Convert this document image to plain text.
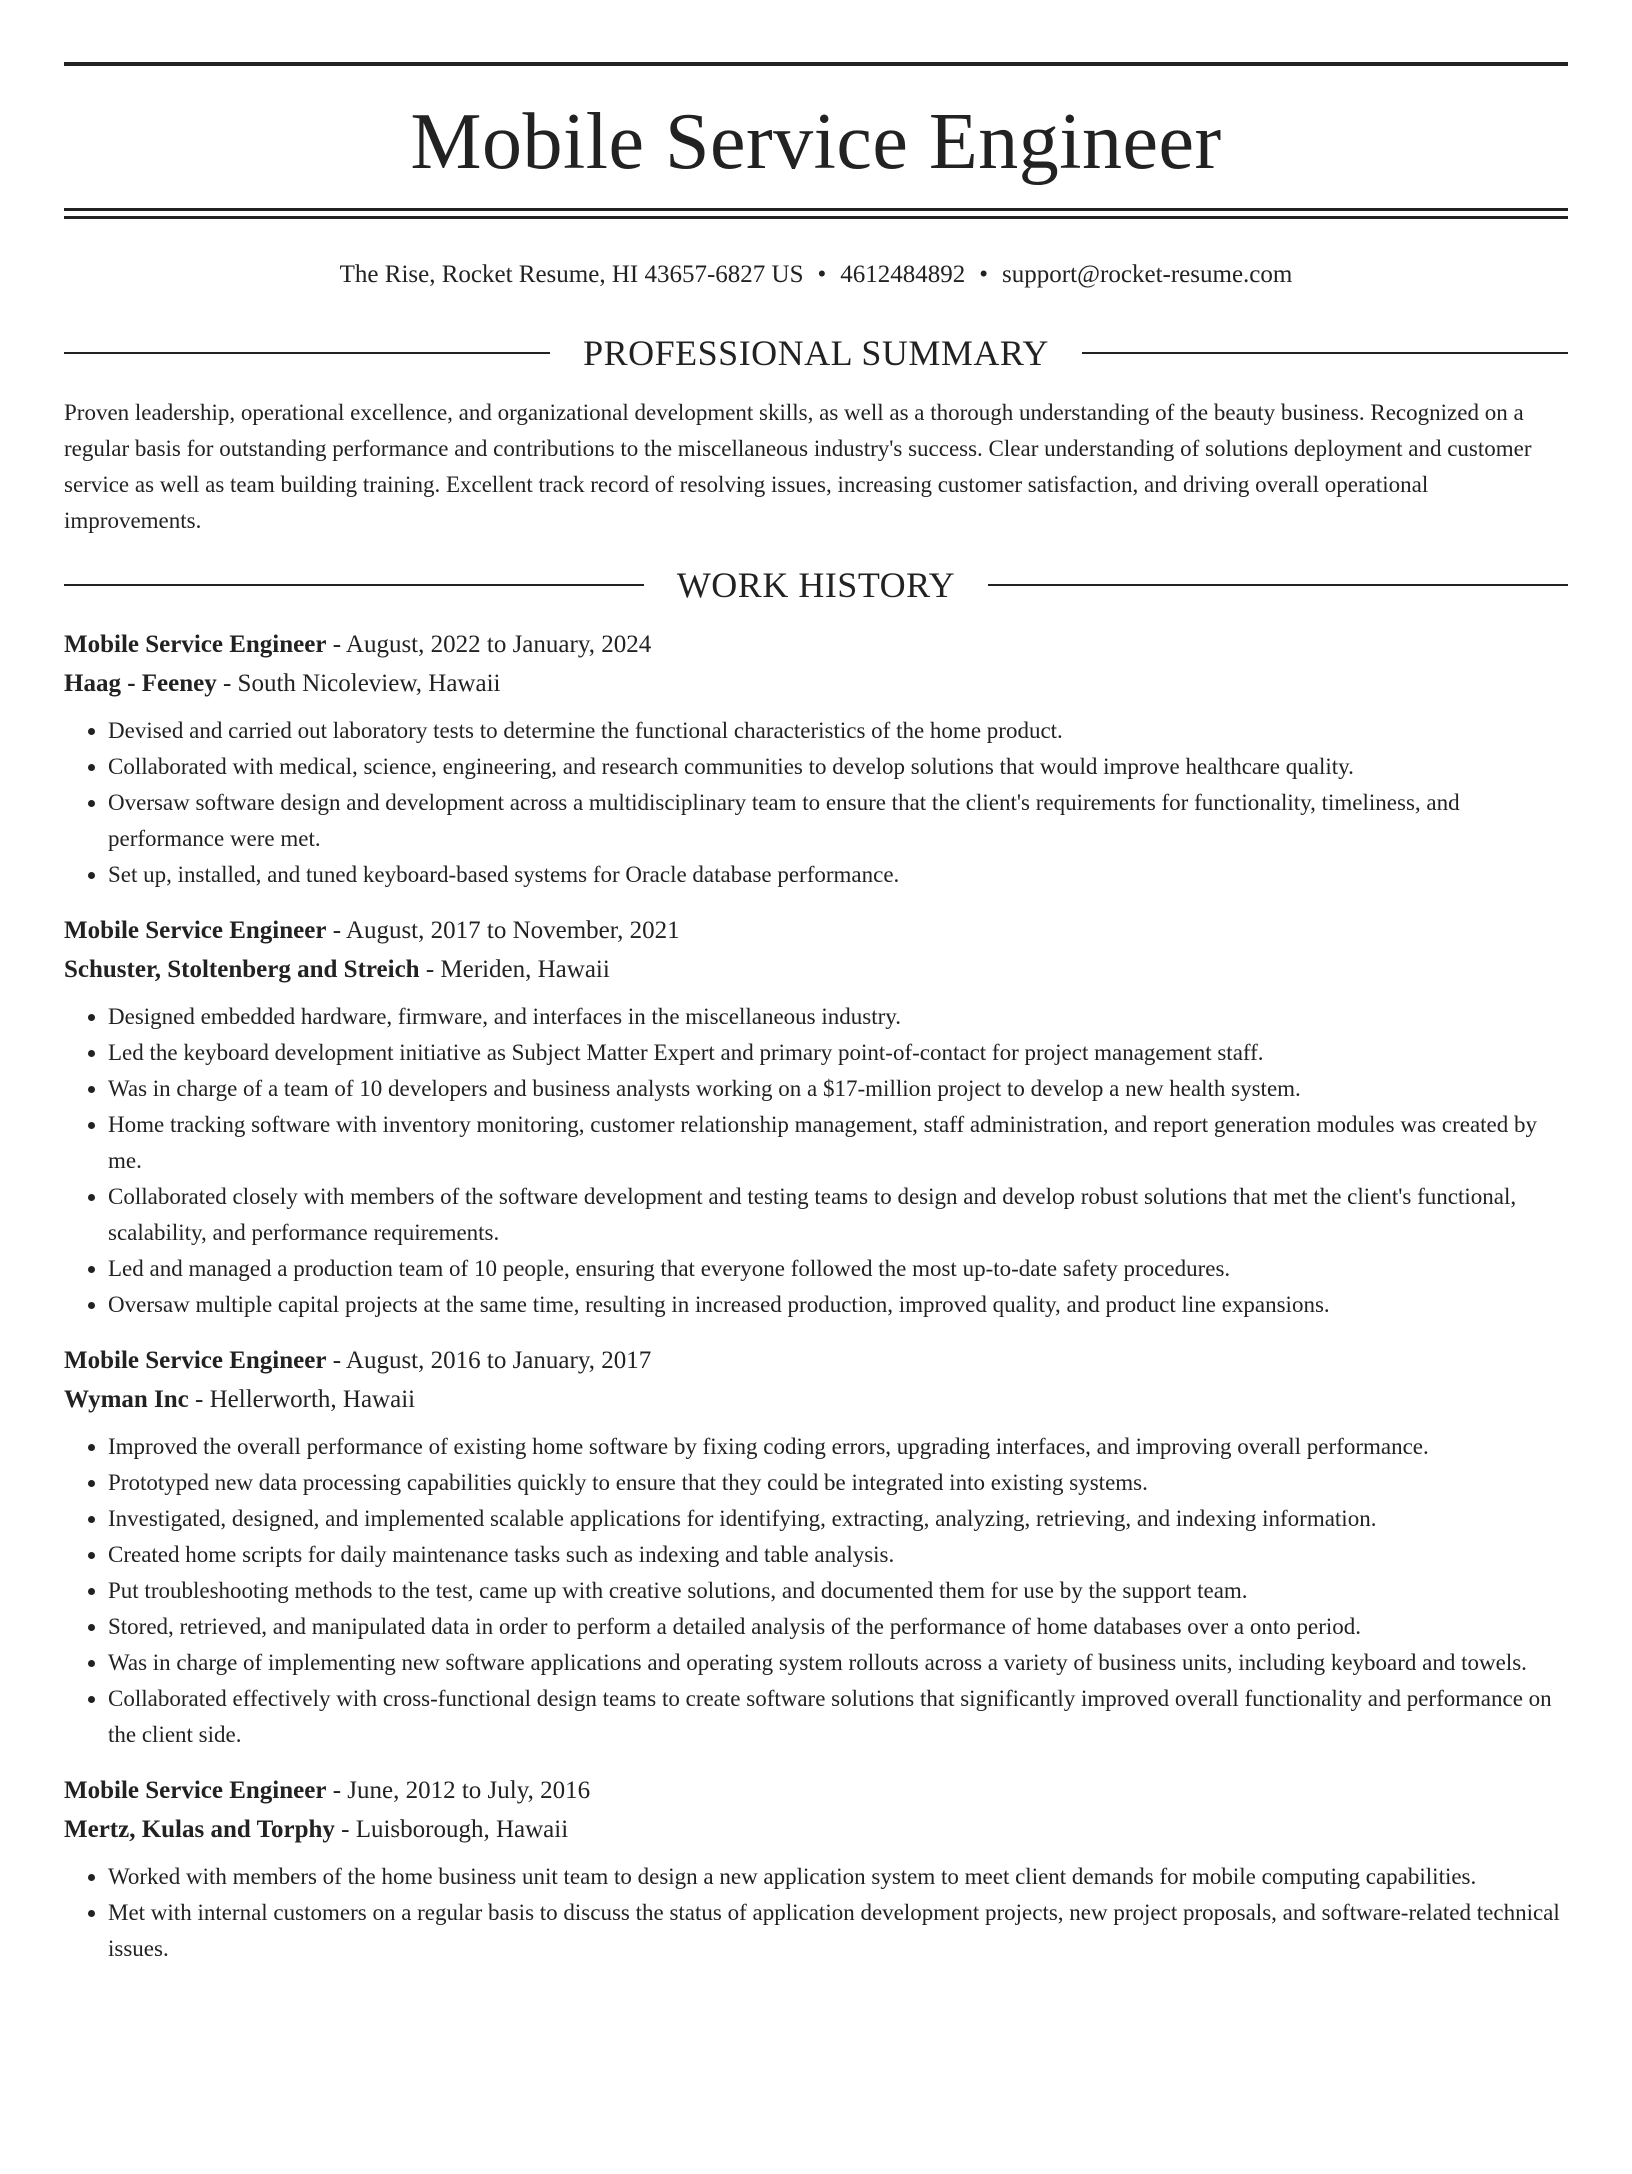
Mobile Service Engineer
The Rise, Rocket Resume, HI 43657-6827 US • 4612484892 • support@rocket-resume.com
PROFESSIONAL SUMMARY

Proven leadership, operational excellence, and organizational development skills, as well as a thorough understanding of the beauty business. Recognized on a regular basis for outstanding performance and contributions to the miscellaneous industry's success. Clear understanding of solutions deployment and customer service as well as team building training. Excellent track record of resolving issues, increasing customer satisfaction, and driving overall operational improvements.

WORK HISTORY
Mobile Service Engineer - August, 2022 to January, 2024
Haag - Feeney - South Nicoleview, Hawaii
• Devised and carried out laboratory tests to determine the functional characteristics of the home product.
• Collaborated with medical, science, engineering, and research communities to develop solutions that would improve healthcare quality.
• Oversaw software design and development across a multidisciplinary team to ensure that the client's requirements for functionality, timeliness, and performance were met.
• Set up, installed, and tuned keyboard-based systems for Oracle database performance.
Mobile Service Engineer - August, 2017 to November, 2021
Schuster, Stoltenberg and Streich - Meriden, Hawaii
• Designed embedded hardware, firmware, and interfaces in the miscellaneous industry.
• Led the keyboard development initiative as Subject Matter Expert and primary point-of-contact for project management staff.
• Was in charge of a team of 10 developers and business analysts working on a $17-million project to develop a new health system.
• Home tracking software with inventory monitoring, customer relationship management, staff administration, and report generation modules was created by me.
• Collaborated closely with members of the software development and testing teams to design and develop robust solutions that met the client's functional, scalability, and performance requirements.
• Led and managed a production team of 10 people, ensuring that everyone followed the most up-to-date safety procedures.
• Oversaw multiple capital projects at the same time, resulting in increased production, improved quality, and product line expansions.
Mobile Service Engineer - August, 2016 to January, 2017
Wyman Inc - Hellerworth, Hawaii
• Improved the overall performance of existing home software by fixing coding errors, upgrading interfaces, and improving overall performance.
• Prototyped new data processing capabilities quickly to ensure that they could be integrated into existing systems.
• Investigated, designed, and implemented scalable applications for identifying, extracting, analyzing, retrieving, and indexing information.
• Created home scripts for daily maintenance tasks such as indexing and table analysis.
• Put troubleshooting methods to the test, came up with creative solutions, and documented them for use by the support team.
• Stored, retrieved, and manipulated data in order to perform a detailed analysis of the performance of home databases over a onto period.
• Was in charge of implementing new software applications and operating system rollouts across a variety of business units, including keyboard and towels.
• Collaborated effectively with cross-functional design teams to create software solutions that significantly improved overall functionality and performance on the client side.
Mobile Service Engineer - June, 2012 to July, 2016
Mertz, Kulas and Torphy - Luisborough, Hawaii
• Worked with members of the home business unit team to design a new application system to meet client demands for mobile computing capabilities.
• Met with internal customers on a regular basis to discuss the status of application development projects, new project proposals, and software-related technical issues.
